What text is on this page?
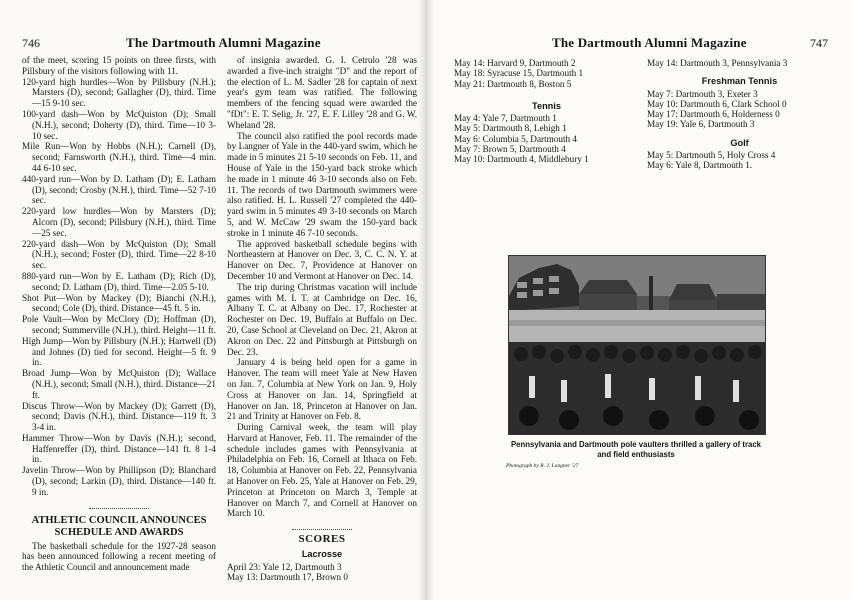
746	The Dartmouth Alumni Magazine

of the meet, scoring 15 points on three firsts, with Pillsbury of the visitors following with 11.

120-yard high hurdles—Won by Pillsbury (N.H.); Marsters (D), second; Gallagher (D), third. Time—15 9-10 sec.
100-yard dash—Won by McQuiston (D); Small (N.H.), second; Doherty (D), third. Time—10 3-10 sec.
Mile Run—Won by Hobbs (N.H.); Carnell (D), second; Farnsworth (N.H.), third. Time—4 min. 44 6-10 sec.
440-yard run—Won by D. Latham (D); E. Latham (D), second; Crosby (N.H.), third. Time—52 7-10 sec.
220-yard low hurdles—Won by Marsters (D); Alcorn (D), second; Pillsbury (N.H.), third. Time—25 sec.
220-yard dash—Won by McQuiston (D); Small (N.H.), second; Foster (D), third. Time—22 8-10 sec.
880-yard run—Won by E. Latham (D); Rich (D), second; D. Latham (D), third. Time—2.05 5-10.
Shot Put—Won by Mackey (D); Bianchi (N.H.), second; Cole (D), third. Distance—45 ft. 5 in.
Pole Vault—Won by McClory (D); Hoffman (D), second; Summerville (N.H.), third. Height—11 ft.
High Jump—Won by Pillsbury (N.H.); Hartwell (D) and Johnes (D) tied for second. Height—5 ft. 9 in.
Broad Jump—Won by McQuiston (D); Wallace (N.H.), second; Small (N.H.), third. Distance—21 ft.
Discus Throw—Won by Mackey (D); Garrett (D), second; Davis (N.H.), third. Distance—119 ft. 3 3-4 in.
Hammer Throw—Won by Davis (N.H.); second, Haffenreffer (D), third. Distance—141 ft. 8 1-4 in.
Javelin Throw—Won by Phillipson (D); Blanchard (D), second; Larkin (D), third. Distance—140 ft. 9 in.
ATHLETIC COUNCIL ANNOUNCES
SCHEDULE AND AWARDS

The basketball schedule for the 1927-28 season has been announced following a recent meeting of the Athletic Council and announcement made

of insignia awarded. G. I. Cetrulo '28 was awarded a five-inch straight "D" and the report of the election of L. M. Sadler '28 for captain of next year's gym team was ratified. The following members of the fencing squad were awarded the "fDt": E. T. Selig, Jr. '27, E. F. Lilley '28 and G. W. Wheland '28.
The council also ratified the pool records made by Langner of Yale in the 440-yard swim, which he made in 5 minutes 21 5-10 seconds on Feb. 11, and House of Yale in the 150-yard back stroke which he made in 1 minute 46 3-10 seconds also on Feb. 11. The records of two Dartmouth swimmers were also ratified. H. L. Russell '27 completed the 440-yard swim in 5 minutes 49 3-10 seconds on March 5, and W. McCaw '29 swam the 150-yard back stroke in 1 minute 46 7-10 seconds.
The approved basketball schedule begins with Northeastern at Hanover on Dec. 3, C. C. N. Y. at Hanover on Dec. 7, Providence at Hanover on December 10 and Vermont at Hanover on Dec. 14.
The trip during Christmas vacation will include games with M. I. T. at Cambridge on Dec. 16, Albany T. C. at Albany on Dec. 17, Rochester at Rochester on Dec. 19, Buffalo at Buffalo on Dec. 20, Case School at Cleveland on Dec. 21, Akron at Akron on Dec. 22 and Pittsburgh at Pittsburgh on Dec. 23.
January 4 is being held open for a game in Hanover. The team will meet Yale at New Haven on Jan. 7, Columbia at New York on Jan. 9, Holy Cross at Hanover on Jan. 14, Springfield at Hanover on Jan. 18, Princeton at Hanover on Jan. 21 and Trinity at Hanover on Feb. 8.
During Carnival week, the team will play Harvard at Hanover, Feb. 11. The remainder of the schedule includes games with Pennsylvania at Philadelphia on Feb. 16, Cornell at Ithaca on Feb. 18, Columbia at Hanover on Feb. 22, Pennsylvania at Hanover on Feb. 25, Yale at Hanover on Feb. 29, Princeton at Princeton on March 3, Temple at Hanover on March 7, and Cornell at Hanover on March 10.
SCORES
Lacrosse
April 23: Yale 12, Dartmouth 3
May 13: Dartmouth 17, Brown 0
The Dartmouth Alumni Magazine	747
May 14: Harvard 9, Dartmouth 2
May 18: Syracuse 15, Dartmouth 1
May 21: Dartmouth 8, Boston 5
Tennis
May 4: Yale 7, Dartmouth 1
May 5: Dartmouth 8, Lehigh 1
May 6: Columbia 5, Dartmouth 4
May 7: Brown 5, Dartmouth 4
May 10: Dartmouth 4, Middlebury 1
May 14: Dartmouth 3, Pennsylvania 3
Freshman Tennis
May 7: Dartmouth 3, Exeter 3
May 10: Dartmouth 6, Clark School 0
May 17: Dartmouth 6, Holderness 0
May 19: Yale 6, Dartmouth 3
Golf
May 5: Dartmouth 5, Holy Cross 4
May 6: Yale 8, Dartmouth 1.
Pennsylvania and Dartmouth pole vaulters thrilled a gallery of track and field enthusiasts
Photograph by R. J. Langner '27
